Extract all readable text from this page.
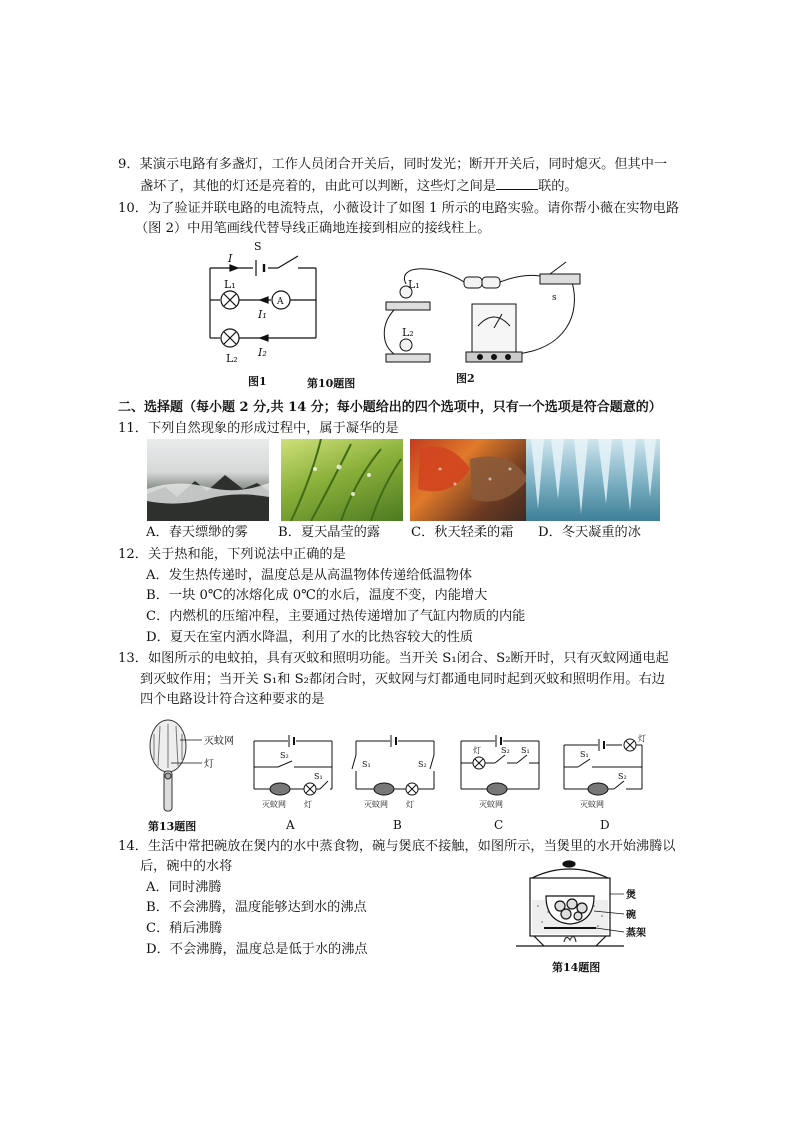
9．某演示电路有多盏灯，工作人员闭合开关后，同时发光；断开开关后，同时熄灭。但其中一
盏坏了，其他的灯还是亮着的，由此可以判断，这些灯之间是	联的。
10．为了验证并联电路的电流特点，小薇设计了如图 1 所示的电路实验。请你帮小薇在实物电路
（图 2）中用笔画线代替导线正确地连接到相应的接线柱上。
I
S
L₁
A
I₁
L₂ I₂
L₁
L₂
s
图1	第10题图	图2
二、选择题（每小题 2 分,共 14 分；每小题给出的四个选项中，只有一个选项是符合题意的）
11．下列自然现象的形成过程中，属于凝华的是
A．春天缥缈的雾 B．夏天晶莹的露 C．秋天轻柔的霜 D．冬天凝重的冰
12．关于热和能，下列说法中正确的是
A．发生热传递时，温度总是从高温物体传递给低温物体
B．一块 0℃的冰熔化成 0℃的水后，温度不变，内能增大
C．内燃机的压缩冲程，主要通过热传递增加了气缸内物质的内能
D．夏天在室内洒水降温，利用了水的比热容较大的性质
13．如图所示的电蚊拍，具有灭蚊和照明功能。当开关 S₁闭合、S₂断开时，只有灭蚊网通电起
到灭蚊作用；当开关 S₁和 S₂都闭合时，灭蚊网与灯都通电同时起到灭蚊和照明作用。右边
四个电路设计符合这种要求的是
灭蚊网
灯
第13题图
S₂
S₁
灭蚊网 灯
S₁	S₂
灭蚊网 灯
灯	S₂ S₁
灭蚊网
灯
S₁
S₂
灭蚊网
A	B	C	D
14．生活中常把碗放在煲内的水中蒸食物，碗与煲底不接触，如图所示，当煲里的水开始沸腾以
后，碗中的水将
A．同时沸腾
B．不会沸腾，温度能够达到水的沸点
C．稍后沸腾
D．不会沸腾，温度总是低于水的沸点
煲
碗
蒸架
第14题图
